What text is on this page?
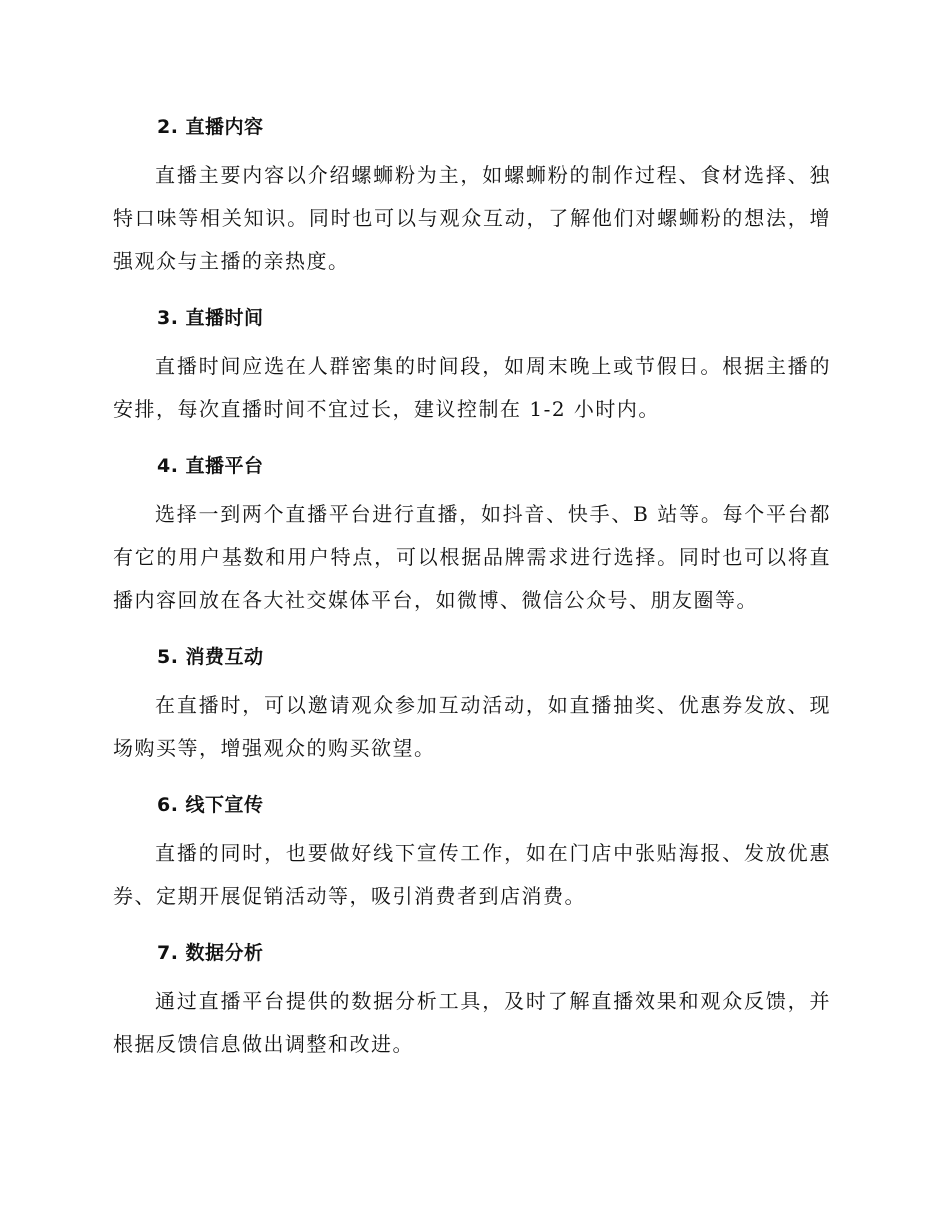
2. 直播内容

直播主要内容以介绍螺蛳粉为主，如螺蛳粉的制作过程、食材选择、独特口味等相关知识。同时也可以与观众互动，了解他们对螺蛳粉的想法，增强观众与主播的亲热度。

3. 直播时间

直播时间应选在人群密集的时间段，如周末晚上或节假日。根据主播的安排，每次直播时间不宜过长，建议控制在 1-2 小时内。

4. 直播平台

选择一到两个直播平台进行直播，如抖音、快手、B 站等。每个平台都有它的用户基数和用户特点，可以根据品牌需求进行选择。同时也可以将直播内容回放在各大社交媒体平台，如微博、微信公众号、朋友圈等。

5. 消费互动

在直播时，可以邀请观众参加互动活动，如直播抽奖、优惠券发放、现场购买等，增强观众的购买欲望。

6. 线下宣传

直播的同时，也要做好线下宣传工作，如在门店中张贴海报、发放优惠券、定期开展促销活动等，吸引消费者到店消费。

7. 数据分析

通过直播平台提供的数据分析工具，及时了解直播效果和观众反馈，并根据反馈信息做出调整和改进。
